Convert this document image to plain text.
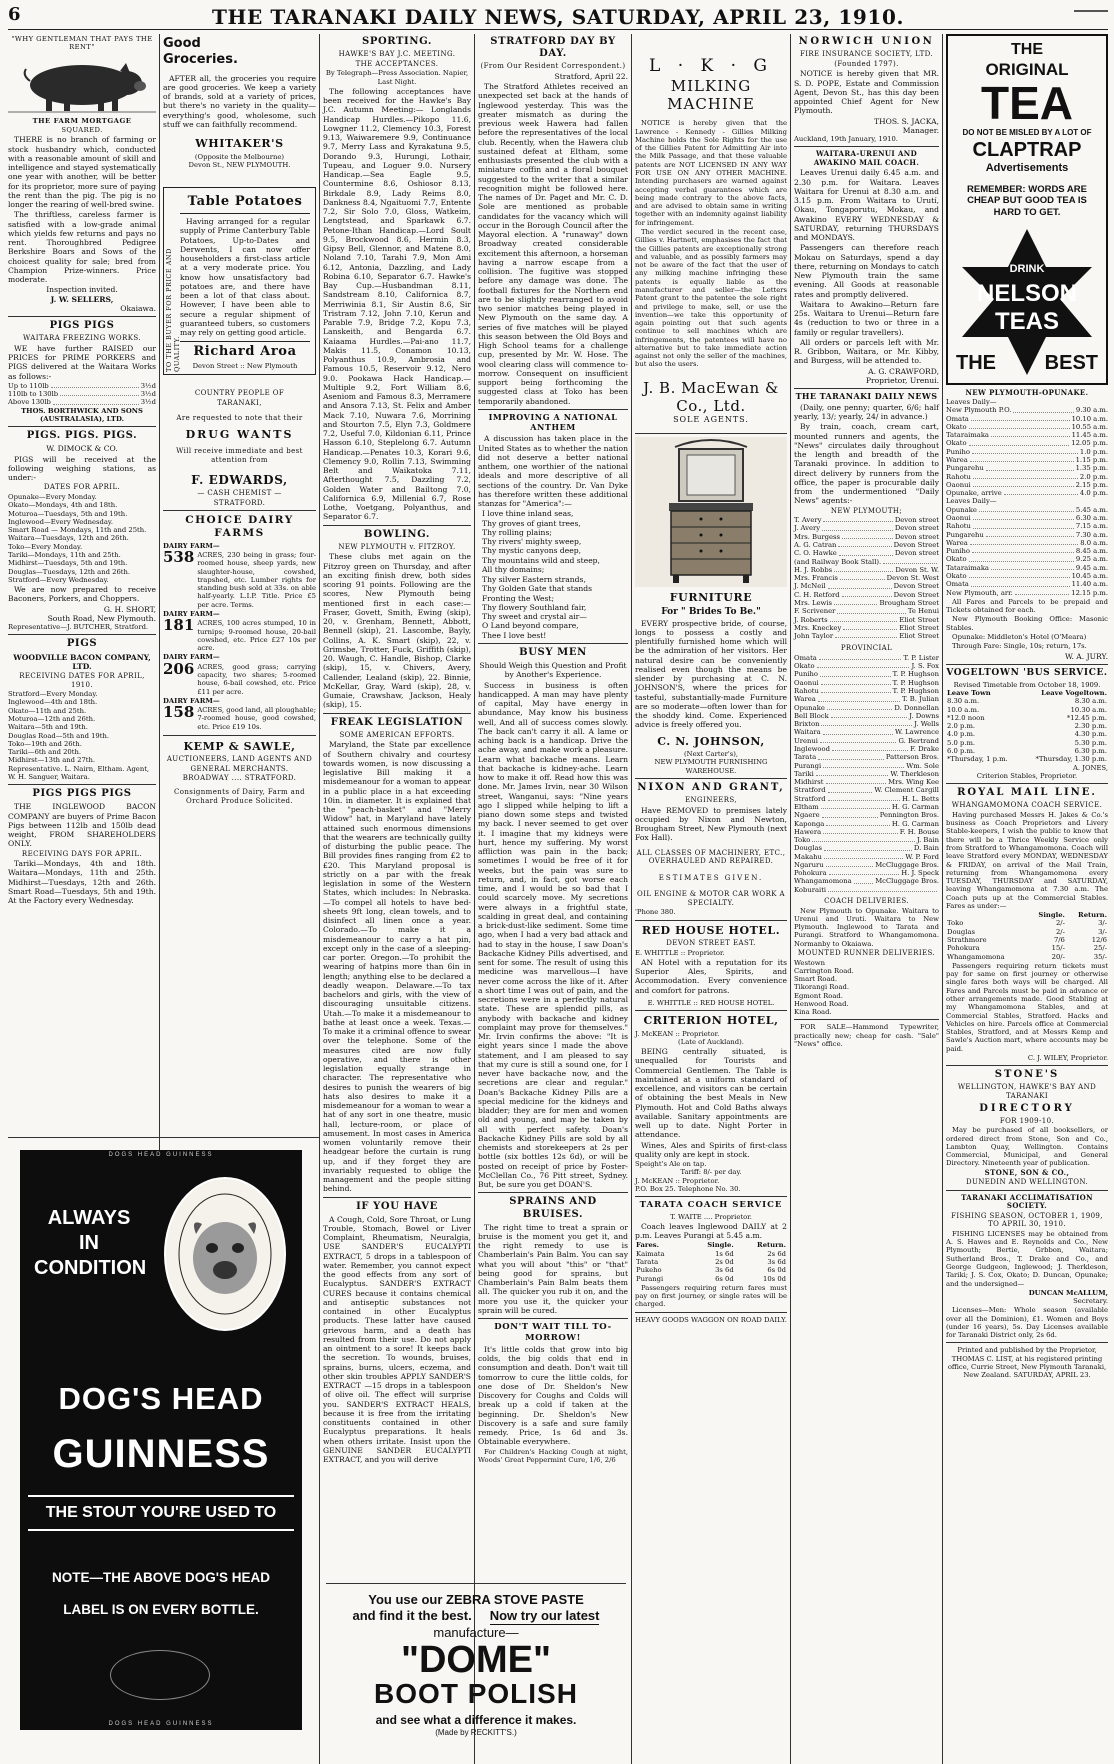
6	THE TARANAKI DAILY NEWS, SATURDAY, APRIL 23, 1910.
"WHY GENTLEMAN THAT PAYS THE RENT"
THE FARM MORTGAGE
SQUARED.
THERE is no branch of farming or stock husbandry which, conducted with a reasonable amount of skill and intelligence and stayed systematically one year with another, will be better for its proprietor, more sure of paying the rent than the pig. The pig is no longer the rearing of well-bred swine.
The thriftless, careless farmer is satisfied with a low-grade animal which yields few returns and pays no rent. Thoroughbred Pedigree Berkshire Boars and Sows of the choicest quality for sale; bred from Champion Prize-winners. Price moderate.
Inspection invited.
J. W. SELLERS,
Okaiawa.
PIGS PIGS
WAITARA FREEZING WORKS.
WE have further RAISED our PRICES for PRIME PORKERS and PIGS delivered at the Waitara Works as follows:-
Up to 110lb	3½d
110lb to 130lb	3½d
Above 130lb	3½d
THOS. BORTHWICK AND SONS (AUSTRALASIA), LTD.
PIGS. PIGS. PIGS.
W. DIMOCK & CO.
PIGS will be received at the following weighing stations, as under:-
DATES FOR APRIL.
Opunake—Every Monday.
Okato—Mondays, 4th and 18th.
Moturoa—Tuesdays, 5th and 19th.
Inglewood—Every Wednesday.
Smart Road — Mondays, 11th and 25th.
Waitara—Tuesdays, 12th and 26th.
Toko—Every Monday.
Tariki—Mondays, 11th and 25th.
Midhirst—Tuesdays, 5th and 19th.
Douglas—Tuesdays, 12th and 26th.
Stratford—Every Wednesday.
We are now prepared to receive Baconers, Porkers, and Choppers.
G. H. SHORT,
South Road, New Plymouth.
Representative—J. BUTCHER, Stratford.
PIGS
WOODVILLE BACON COMPANY, LTD.
RECEIVING DATES FOR APRIL, 1910.
Stratford—Every Monday.
Inglewood—4th and 18th.
Okato—11th and 25th.
Moturoa—12th and 26th.
Waitara—5th and 19th.
Douglas Road—5th and 19th.
Toko—19th and 26th.
Tariki—6th and 20th.
Midhirst—13th and 27th.
Representative. L. Nairn, Eltham. Agent, W. H. Sanguer, Waitara.
PIGS PIGS PIGS
THE INGLEWOOD BACON COMPANY are buyers of Prime Bacon Pigs between 112lb and 150lb dead weight, FROM SHAREHOLDERS ONLY.
RECEIVING DAYS FOR APRIL.
Tariki—Mondays, 4th and 18th. Waitara—Mondays, 11th and 25th. Midhirst—Tuesdays, 12th and 26th. Smart Road—Tuesdays, 5th and 19th. At the Factory every Wednesday.
Good Groceries.
AFTER all, the groceries you require are good groceries. We keep a variety of brands, sold at a variety of prices, but there's no variety in the quality—everything's good, wholesome, such stuff we can faithfully recommend.
WHITAKER'S
(Opposite the Melbourne)
Devon St., NEW PLYMOUTH.
Table Potatoes
TO THE BUYER FOR PRICE AND QUALITY.
Having arranged for a regular supply of Prime Canterbury Table Potatoes, Up-to-Dates and Derwents, I can now offer householders a first-class article at a very moderate price. You know how unsatisfactory bad potatoes are, and there have been a lot of that class about. However, I have been able to secure a regular shipment of guaranteed tubers, so customers may rely on getting good article.
Richard Aroa
Devon Street :: New Plymouth
COUNTRY PEOPLE OF
TARANAKI,
Are requested to note that their
DRUG WANTS
Will receive immediate and best attention from
F. EDWARDS,
— CASH CHEMIST —
STRATFORD.
CHOICE DAIRY FARMS
DAIRY FARM—
538 ACRES, 230 being in grass; four-roomed house, sheep yards, new slaughter-house, cowshed, trapshed, etc. Lumber rights for standing bush sold at 33s. on able half-yearly. L.I.P. Title. Price £5 per acre. Terms.
DAIRY FARM—
181 ACRES, 100 acres stumped, 10 in turnips; 9-roomed house, 20-bail cowshed, etc. Price £27 10s per acre.
DAIRY FARM—
206 ACRES, good grass; carrying capacity, two shares; 5-roomed house, 6-bail cowshed, etc. Price £11 per acre.
DAIRY FARM—
158 ACRES, good land, all ploughable; 7-roomed house, good cowshed, etc. Price £19 10s.
KEMP & SAWLE,
AUCTIONEERS, LAND AGENTS AND
GENERAL MERCHANTS.
BROADWAY .... STRATFORD.
Consignments of Dairy, Farm and Orchard Produce Solicited.
DOGS HEAD GUINNESS
DOGS HEAD GUINNESS
ALWAYS
IN
CONDITION
DOG'S HEAD
GUINNESS
THE STOUT YOU'RE USED TO
NOTE—THE ABOVE DOG'S HEAD
LABEL IS ON EVERY BOTTLE.
SPORTING.
HAWKE'S BAY J.C. MEETING.
THE ACCEPTANCES.
By Telegraph—Press Association. Napier, Last Night.
The following acceptances have been received for the Hawke's Bay J.C. Autumn Meeting:— Longlands Handicap Hurdles.—Pikopo 11.6, Lowgner 11.2, Clemency 10.3, Forest 9.13, Waiwaremere 9.9, Continuance 9.7, Merry Lass and Kyrakatuna 9.5, Dorando 9.3, Hurungi, Lothair, Tupeau, and Loguer 9.0. Nursery Handicap.—Sea Eagle 9.5, Countermine 8.6, Oshiosor 8.13, Birkdale 8.9, Lady Reims 8.0, Dankness 8.4, Ngaituomi 7.7, Entente 7.2, Sir Solo 7.0, Gloss, Watkeim, Lengtstead, and Sparkawk 6.7. Petone-Ithan Handicap.—Lord Soult 9.5, Brockwood 8.6, Hermin 8.3, Gipsy Bell, Glennor, and Matene 8.0, Noland 7.10, Tarahi 7.9, Mon Ami 6.12, Antonia, Dazzling, and Lady Robina 6.10, Separator 6.7. Hawke's Bay Cup.—Husbandman 8.11, Sandstream 8.10, Californica 8.7, Merriwinia 8.1, Sir Austin 8.6, Sir Tristram 7.12, John 7.10, Kerun and Parable 7.9, Bridge 7.2, Kopu 7.3, Lanskeith, and Bengarda 6.7. Kaiaama Hurdles.—Pai-ano 11.7, Makis 11.5, Conamon 10.13, Polyanthus 10.9, Ambrosia and Famous 10.5, Reservoir 9.12, Nero 9.0. Pookawa Hack Handicap.—Multiple 9.2, Fort William 8.6, Aseniom and Famous 8.3, Merramere and Ansora 7.13, St. Felix and Amber Mack 7.10, Nuwara 7.6, Morrining and Stourton 7.5, Elyn 7.3, Goldmere 7.2, Useful 7.0, Kildonian 6.11, Prince Hasson 6.10, Steplelong 6.7. Autumn Handicap.—Penates 10.3, Korari 9.6, Clemency 9.0, Rollin 7.13, Swimming Belt and Waikatoka 7.11, Afterthought 7.5, Dazzling 7.2, Golden Water and Bailtong 7.0, Californica 6.9, Millenial 6.7, Rose Lothe, Voetgang, Polyanthus, and Separator 6.7.
BOWLING.
NEW PLYMOUTH v. FITZROY.
These clubs met again on the Fitzroy green on Thursday, and after an exciting finish drew, both sides scoring 91 points. Following are the scores, New Plymouth being mentioned first in each case:— Fraser, Govett, Smith, Ewing (skip), 20, v. Grenham, Bennett, Abbott, Bennell (skip), 21. Lascombe, Bayly, Collins, A. K. Smart (skip), 22, v. Grimsbe, Trotter, Fuck, Griffith (skip), 20. Waugh, C. Handle, Bishop, Clarke (skip), 15, v. Chivers, Avery, Callender, Lealand (skip), 22. Binnie, McKellar, Gray, Ward (skip), 28, v. Gumaie, Crawshaw, Jackson, Healy (skip), 15.
FREAK LEGISLATION
SOME AMERICAN EFFORTS.
Maryland, the State par excellence of Southern chivalry and courtesy towards women, is now discussing a legislative Bill making it a misdemeanour for a woman to appear in a public place in a hat exceeding 10in. in diameter. It is explained that the "peach-basket" and "Merry Widow" hat, in Maryland have lately attained such enormous dimensions that the wearers are technically guilty of disturbing the public peace. The Bill provides fines ranging from £2 to £20. This Maryland proposal is strictly on a par with the freak legislation in some of the Western States, which includes: In Nebraska.—To compel all hotels to have bed-sheets 9ft long, clean towels, and to disinfect all linen once a year. Colorado.—To make it a misdemeanour to carry a hat pin, except only in the case of a sleeping-car porter. Oregon.—To prohibit the wearing of hatpins more than 6in in length; anything else to be declared a deadly weapon. Delaware.—To tax bachelors and girls, with the view of discouraging unsuitable citizens. Utah.—To make it a misdemeanour to bathe at least once a week. Texas.—To make it a criminal offence to swear over the telephone. Some of the measures cited are now fully operative, and there is other legislation equally strange in character. The representative who desires to punish the wearers of big hats also desires to make it a misdemeanour for a woman to wear a hat of any sort in one theatre, music hall, lecture-room, or place of amusement. In most cases in America women voluntarily remove their headgear before the curtain is rung up, and if they forget they are invariably requested to oblige the management and the people sitting behind.
IF YOU HAVE
A Cough, Cold, Sore Throat, or Lung Trouble, Stomach, Bowel or Liver Complaint, Rheumatism, Neuralgia, USE SANDER'S EUCALYPTI EXTRACT, 5 drops in a tablespoon of water. Remember, you cannot expect the good effects from any sort of Eucalyptus. SANDER'S EXTRACT CURES because it contains chemical and antiseptic substances not contained in other Eucalyptus products. These latter have caused grievous harm, and a death has resulted from their use. Do not apply an ointment to a sore! It keeps back the secretion. To wounds, bruises, sprains, burns, ulcers, eczema, and other skin troubles APPLY SANDER'S EXTRACT —15 drops in a tablespoon of olive oil. The effect will surprise you. SANDER'S EXTRACT HEALS, because it is free from the irritating constituents contained in other Eucalyptus preparations. It heals when others irritate. Insist upon the GENUINE SANDER EUCALYPTI EXTRACT, and you will derive
STRATFORD DAY BY DAY.
(From Our Resident Correspondent.)
Stratford, April 22.
The Stratford Athletes received an unexpected set back at the hands of Inglewood yesterday. This was the greater mismatch as during the previous week Hawera had fallen before the representatives of the local club. Recently, when the Hawera club sustained defeat at Eltham, some enthusiasts presented the club with a miniature coffin and a floral bouquet suggested to the writer that a similar recognition might be followed here. The names of Dr. Paget and Mr. C. D. Sole are mentioned as probable candidates for the vacancy which will occur in the Borough Council after the Mayoral election. A "runaway" down Broadway created considerable excitement this afternoon, a horseman having a narrow escape from a collision. The fugitive was stopped before any damage was done. The football fixtures for the Northern end are to be slightly rearranged to avoid two senior matches being played in New Plymouth on the same day. A series of five matches will be played this season between the Old Boys and High School teams for a challenge cup, presented by Mr. W. Hose. The wool clearing class will commence to-morrow. Consequent on insufficient support being forthcoming the suggested class at Toko has been temporarily abandoned.
IMPROVING A NATIONAL ANTHEM
A discussion has taken place in the United States as to whether the nation did not deserve a better national anthem, one worthier of the national ideals and more descriptive of all sections of the country. Dr. Van Dyke has therefore written these additional stanzas for "America":—
I love thine inland seas,
Thy groves of giant trees,
Thy rolling plains;
Thy rivers' mighty sweep,
Thy mystic canyons deep,
Thy mountains wild and steep,
All thy domains;
Thy silver Eastern strands,
Thy Golden Gate that stands
Fronting the West;
Thy flowery Southland fair,
Thy sweet and crystal air—
O Land beyond compare,
Thee I love best!
BUSY MEN
Should Weigh this Question and Profit by Another's Experience.
Success in business is often handicapped. A man may have plenty of capital, May have energy in abundance, May know his business well, And all of success comes slowly. The back can't carry it all. A lame or aching back is a handicap. Drive the ache away, and make work a pleasure. Learn what backache means. Learn that backache is kidney-ache. Learn how to make it off. Read how this was done. Mr. James Irvin, near 30 Wilson street, Wanganui, says: "Nine years ago I slipped while helping to lift a piano down some steps and twisted my back. I never seemed to get over it. I imagine that my kidneys were hurt, hence my suffering. My worst affliction was pain in the back; sometimes I would be free of it for weeks, but the pain was sure to return, and, in fact, got worse each time, and I would be so bad that I could scarcely move. My secretions were always in a frightful state, scalding in great deal, and containing a brick-dust-like sediment. Some time ago, when I had a very bad attack and had to stay in the house, I saw Doan's Backache Kidney Pills advertised, and sent for some. The result of using this medicine was marvellous—I have never come across the like of it. After a short time I was out of pain, and the secretions were in a perfectly natural state. These are splendid pills, as anybody with backache and kidney complaint may prove for themselves." Mr. Irvin confirms the above: "It is eight years since I made the above statement, and I am pleased to say that my cure is still a sound one, for I never have backache now, and the secretions are clear and regular." Doan's Backache Kidney Pills are a special medicine for the kidneys and bladder; they are for men and women old and young, and may be taken by all with perfect safety. Doan's Backache Kidney Pills are sold by all chemists and storekeepers at 2s per bottle (six bottles 12s 6d), or will be posted on receipt of price by Foster-McClellan Co., 76 Pitt street, Sydney. But, be sure you get DOAN'S.
SPRAINS AND BRUISES.
The right time to treat a sprain or bruise is the moment you get it, and the right remedy to use is Chamberlain's Pain Balm. You can say what you will about "this" or "that" being good for sprains, but Chamberlain's Pain Balm beats them all. The quicker you rub it on, and the more you use it, the quicker your sprain will be cured.
DON'T WAIT TILL TO-MORROW!
It's little colds that grow into big colds, the big colds that end in consumption and death. Don't wait till tomorrow to cure the little colds, for one dose of Dr. Sheldon's New Discovery for Coughs and Colds will break up a cold if taken at the beginning. Dr. Sheldon's New Discovery is a safe and sure family remedy. Price, 1s 6d and 3s. Obtainable everywhere.
For Children's Hacking Cough at night, Woods' Great Peppermint Cure, 1/6, 2/6
You use our ZEBRA STOVE PASTE
and find it the best. Now try our latest
manufacture—
"DOME"
BOOT POLISH
and see what a difference it makes.
(Made by RECKITT'S.)
L · K · G
MILKING MACHINE
NOTICE is hereby given that the Lawrence - Kennedy - Gillies Milking Machine holds the Sole Rights for the use of the Gillies Patent for Admitting Air into the Milk Passage, and that these valuable patents are NOT LICENSED IN ANY WAY FOR USE ON ANY OTHER MACHINE. Intending purchasers are warned against accepting verbal guarantees which are being made contrary to the above facts, and are advised to obtain same in writing together with an indemnity against liability for infringement.
The verdict secured in the recent case, Gillies v. Hartnett, emphasises the fact that the Gillies patents are exceptionally strong and valuable, and as possibly farmers may not be aware of the fact that the user of any milking machine infringing these patents is equally liable as the manufacturer and seller—the Letters Patent grant to the patentee the sole right and privilege to make, sell, or use the invention—we take this opportunity of again pointing out that such agents continue to sell machines which are infringements, the patentees will have no alternative but to take immediate action against not only the seller of the machines, but also the users.
J. B. MacEwan & Co., Ltd.
SOLE AGENTS.
FURNITURE
For " Brides To Be."
EVERY prospective bride, of course, longs to possess a costly and plentifully furnished home which will be the admiration of her visitors. Her natural desire can be conveniently realised even though the means be slender by purchasing at C. N. JOHNSON'S, where the prices for tasteful, substantially-made Furniture are so moderate—often lower than for the shoddy kind. Come. Experienced advice is freely offered you.
C. N. JOHNSON,
(Next Carter's),
NEW PLYMOUTH FURNISHING WAREHOUSE.
NIXON AND GRANT,
ENGINEERS,
Have REMOVED to premises lately occupied by Nixon and Newton, Brougham Street, New Plymouth (next Fox Hall).
ALL CLASSES OF MACHINERY, ETC., OVERHAULED AND REPAIRED.
ESTIMATES GIVEN.
OIL ENGINE & MOTOR CAR WORK A SPECIALTY.
'Phone 380.
RED HOUSE HOTEL.
DEVON STREET EAST.
E. WHITTLE :: Proprietor.
AN Hotel with a reputation for its Superior Ales, Spirits, and Accommodation. Every convenience and comfort for patrons.
E. WHITTLE :: RED HOUSE HOTEL.
CRITERION HOTEL,
J. McKEAN :: Proprietor.
(Late of Auckland).
BEING centrally situated, is unequalled for Tourists and Commercial Gentlemen. The Table is maintained at a uniform standard of excellence, and visitors can be certain of obtaining the best Meals in New Plymouth. Hot and Cold Baths always available. Sanitary appointments are well up to date. Night Porter in attendance.
Wines, Ales and Spirits of first-class quality only are kept in stock.
Speight's Ale on tap.
Tariff: 8/- per day.
J. McKEAN :: Proprietor.
P.O. Box 25. Telephone No. 30.
TARATA COACH SERVICE
T. WAITE .... Proprietor.
Coach leaves Inglewood DAILY at 2 p.m. Leaves Purangi at 5.45 a.m.
Fares.	Single.	Return.
Kaimata	1s 6d	2s 6d
Tarata	2s 0d	3s 6d
Pukeho	3s 6d	6s 0d
Purangi	6s 0d	10s 0d
Passengers requiring return fares must pay on first journey, or single rates will be charged.
HEAVY GOODS WAGGON ON ROAD DAILY.
NORWICH UNION
FIRE INSURANCE SOCIETY, LTD.
(Founded 1797).
NOTICE is hereby given that MR. S. D. POPE, Estate and Commission Agent, Devon St., has this day been appointed Chief Agent for New Plymouth.
THOS. S. JACKA,
Manager.
Auckland, 19th January, 1910.
WAITARA-URENUI AND AWAKINO MAIL COACH.
Leaves Urenui daily 6.45 a.m. and 2.30 p.m. for Waitara. Leaves Waitara for Urenui at 8.30 a.m. and 3.15 p.m. From Waitara to Urutí, Okau, Tongaporutu, Mokau, and Awakino EVERY WEDNESDAY & SATURDAY, returning THURSDAYS and MONDAYS.
Passengers can therefore reach Mokau on Saturdays, spend a day there, returning on Mondays to catch New Plymouth train the same evening. All Goods at reasonable rates and promptly delivered.
Waitara to Awakino—Return fare 25s. Waitara to Urenui—Return fare 4s (reduction to two or three in a family or regular travellers).
All orders or parcels left with Mr. R. Gribbon, Waitara, or Mr. Kibby, and Burgess, will be attended to.
A. G. CRAWFORD,
Proprietor, Urenui.
THE TARANAKI DAILY NEWS
(Daily, one penny; quarter, 6/6; half yearly, 13/; yearly, 24/ in advance.)
By train, coach, cream cart, mounted runners and agents, the "News" circulates daily throughout the length and breadth of the Taranaki province. In addition to direct delivery by runners from the office, the paper is procurable daily from the undermentioned "Daily News" agents:-
NEW PLYMOUTH;
T. Avery	Devon street
J. Avery	Devon street
Mrs. Burgess	Devon street
A. G. Catran	Devon Street
C. O. Hawke	Devon street
(and Railway Book Stall).
H. J. Robbs	Devon St. W.
Mrs. Francis	Devon St. West
J. McNeil	Devon Street
C. H. Retford	Devon Street
Mrs. Lewis	Brougham Street
F. Scrivener	Te Henui
J. Roberts	Eliot Street
Mrs. Kneckey	Eliot Street
John Taylor	Eliot Street
PROVINCIAL
Omata	T. P. Lister
Okato	J. S. Fox
Puniho	T. P. Hughson
Oaonui	T. P. Hughson
Rahotu	T. P. Hughson
Warea	T. B. Julian
Opunake	D. Donnellan
Bell Block	J. Downs
Brixton	J. Wells
Waitara	W. Lawrence
Urenui	G. Bertrand
Inglewood	F. Drake
Tarata	Patterson Bros.
Purangi	Wm. Sole
Tariki	W. Therkleson
Midhirst	Mrs. Wing Kee
Stratford	W. Clement Cargill
Stratford	H. L. Betts
Eltham	H. G. Carman
Ngaere	Pennington Bros.
Kaponga	H. G. Carman
Hawera	F. H. Bouse
Toko	J. Bain
Douglas	D. Bain
Makahu	W. P. Ford
Ngaruru	McCluggage Bros.
Pohokura	H. J. Speck
Whangamomona	McCluggage Bros.
Koburaiti
COACH DELIVERIES.
New Plymouth to Opunake. Waitara to Urenui and Uruti. Waitara to New Plymouth. Inglewood to Tarata and Purangi. Stratford to Whangamomona. Normanby to Okaiawa.
MOUNTED RUNNER DELIVERIES.
Westown
Carrington Road.
Smart Road.
Tikorangi Road.
Egmont Road.
Henwood Road.
Kina Road.
FOR SALE—Hammond Typewriter, practically new; cheap for cash. "Sale" "News" office.
THE
ORIGINAL
TEA
DO NOT BE MISLED BY A LOT OF
CLAPTRAP
Advertisements
REMEMBER: WORDS ARE CHEAP BUT GOOD TEA IS HARD TO GET.
DRINK
NELSON
TEAS
THE BEST
NEW PLYMOUTH-OPUNAKE.
Leaves Daily—
New Plymouth P.O.	9.30 a.m.
Omata	10.10 a.m.
Okato	10.55 a.m.
Tataraimaka	11.45 a.m.
Okato	12.05 p.m.
Puniho	1.0 p.m.
Warea	1.15 p.m.
Pungarehu	1.35 p.m.
Rahotu	2.0 p.m.
Oaonui	2.15 p.m.
Opunake, arrive	4.0 p.m.
Leaves Daily—
Opunake	5.45 a.m.
Oaonui	6.30 a.m.
Rahotu	7.15 a.m.
Pungarehu	7.30 a.m.
Warea	8.0 a.m.
Puniho	8.45 a.m.
Okato	9.25 a.m.
Tataraimaka	9.45 a.m.
Okato	10.45 a.m.
Omata	11.40 a.m.
New Plymouth, arr.	12.15 p.m.
All Fares and Parcels to be prepaid and Tickets obtained for each.
New Plymouth Booking Office: Masonic Stables.
Opunake: Middleton's Hotel (O'Meara)
Through Fare: Single, 10s; return, 17s.
W. A. JURY.
VOGELTOWN 'BUS SERVICE.
Revised Timetable from October 18, 1909.
Leave Town	Leave Vogeltown.
8.30 a.m.	8.30 a.m.
10.0 a.m.	10.30 a.m.
*12.0 noon	*12.45 p.m.
2.0 p.m.	2.30 p.m.
4.0 p.m.	4.30 p.m.
5.0 p.m.	5.30 p.m.
6.0 p.m.	6.30 p.m.
*Thursday, 1 p.m.	*Thursday, 1.30 p.m.
A. JONES,
Criterion Stables, Proprietor.
ROYAL MAIL LINE.
WHANGAMOMONA COACH SERVICE.
Having purchased Messrs H. Jakes & Co.'s business as Coach Proprietors and Livery Stable-keepers, I wish the public to know that there will be a Thrice Weekly Service only from Stratford to Whangamomona. Coach will leave Stratford every MONDAY, WEDNESDAY & FRIDAY, on arrival of the Mail Train, returning from Whangamomona every TUESDAY, THURSDAY and SATURDAY, leaving Whangamomona at 7.30 a.m. The Coach puts up at the Commercial Stables. Fares as under:—
	Single.	Return.
Toko	2/-	3/-
Douglas	2/-	3/-
Strathmore	7/6	12/6
Pohokura	15/-	25/-
Whangamomona	20/-	35/-
Passengers requiring return tickets must pay for same on first journey or otherwise single fares both ways will be charged. All Fares and Parcels must be paid in advance or other arrangements made. Good Stabling at my Whangamomona Stables, and at Commercial Stables, Stratford. Hacks and Vehicles on hire. Parcels office at Commercial Stables, Stratford, and at Messrs Kemp and Sawle's Auction mart, where accounts may be paid.
C. J. WILEY, Proprietor.
STONE'S
WELLINGTON, HAWKE'S BAY AND TARANAKI
DIRECTORY
FOR 1909-10.
May be purchased of all booksellers, or ordered direct from Stone, Son and Co., Lambton Quay, Wellington. Contains Commercial, Municipal, and General Directory. Nineteenth year of publication.
STONE, SON & CO.,
DUNEDIN AND WELLINGTON.
TARANAKI ACCLIMATISATION SOCIETY.
FISHING SEASON, OCTOBER 1, 1909, TO APRIL 30, 1910.
FISHING LICENSES may be obtained from A. S. Hawes and E. Reynolds and Co., New Plymouth; Bertie, Grbbon, Waitara; Sutherland Bros., T. Drake and Co., and George Gudgeon, Inglewood; J. Therkleson, Tariki; J. S. Cox, Okato; D. Duncan, Opunake; and the undersigned—
DUNCAN McALLUM,
Secretary.
Licenses—Men: Whole season (available over all the Dominion), £1. Women and Boys (under 16 years), 5s. Day Licenses available for Taranaki District only, 2s 6d.
Printed and published by the Proprietor, THOMAS C. LIST, at his registered printing office, Currie Street, New Plymouth Taranaki, New Zealand. SATURDAY, APRIL 23.
